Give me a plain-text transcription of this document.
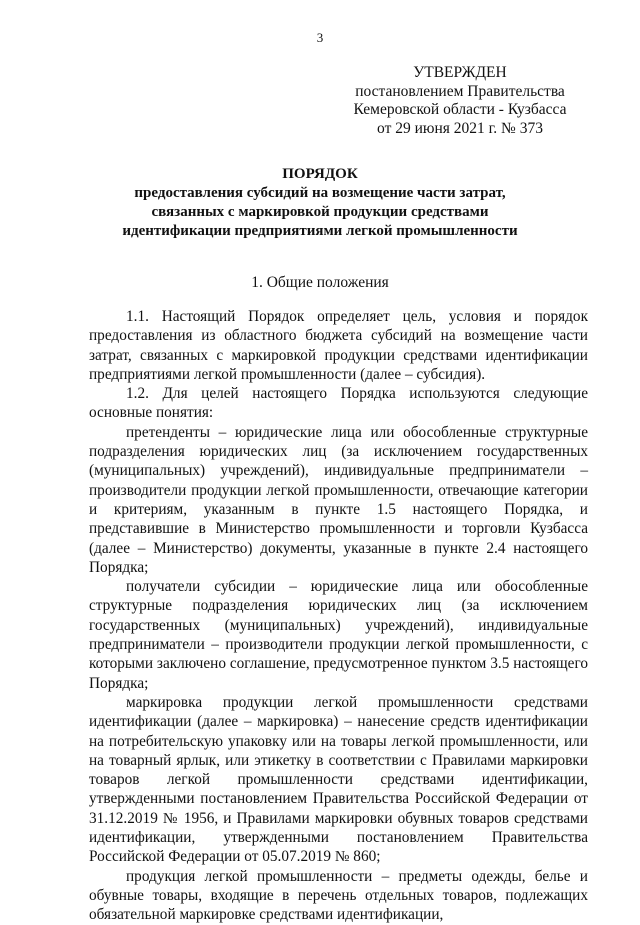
3
УТВЕРЖДЕН
постановлением Правительства
Кемеровской области - Кузбасса
от 29 июня 2021 г. № 373
ПОРЯДОК
предоставления субсидий на возмещение части затрат, связанных с маркировкой продукции средствами идентификации предприятиями легкой промышленности
1. Общие положения

1.1. Настоящий Порядок определяет цель, условия и порядок предоставления из областного бюджета субсидий на возмещение части затрат, связанных с маркировкой продукции средствами идентификации предприятиями легкой промышленности (далее – субсидия).

1.2. Для целей настоящего Порядка используются следующие основные понятия:

претенденты – юридические лица или обособленные структурные подразделения юридических лиц (за исключением государственных (муниципальных) учреждений), индивидуальные предприниматели – производители продукции легкой промышленности, отвечающие категории и критериям, указанным в пункте 1.5 настоящего Порядка, и представившие в Министерство промышленности и торговли Кузбасса (далее – Министерство) документы, указанные в пункте 2.4 настоящего Порядка;

получатели субсидии – юридические лица или обособленные структурные подразделения юридических лиц (за исключением государственных (муниципальных) учреждений), индивидуальные предприниматели – производители продукции легкой промышленности, с которыми заключено соглашение, предусмотренное пунктом 3.5 настоящего Порядка;

маркировка продукции легкой промышленности средствами идентификации (далее – маркировка) – нанесение средств идентификации на потребительскую упаковку или на товары легкой промышленности, или на товарный ярлык, или этикетку в соответствии с Правилами маркировки товаров легкой промышленности средствами идентификации, утвержденными постановлением Правительства Российской Федерации от 31.12.2019 № 1956, и Правилами маркировки обувных товаров средствами идентификации, утвержденными постановлением Правительства Российской Федерации от 05.07.2019 № 860;

продукция легкой промышленности – предметы одежды, белье и обувные товары, входящие в перечень отдельных товаров, подлежащих обязательной маркировке средствами идентификации,
